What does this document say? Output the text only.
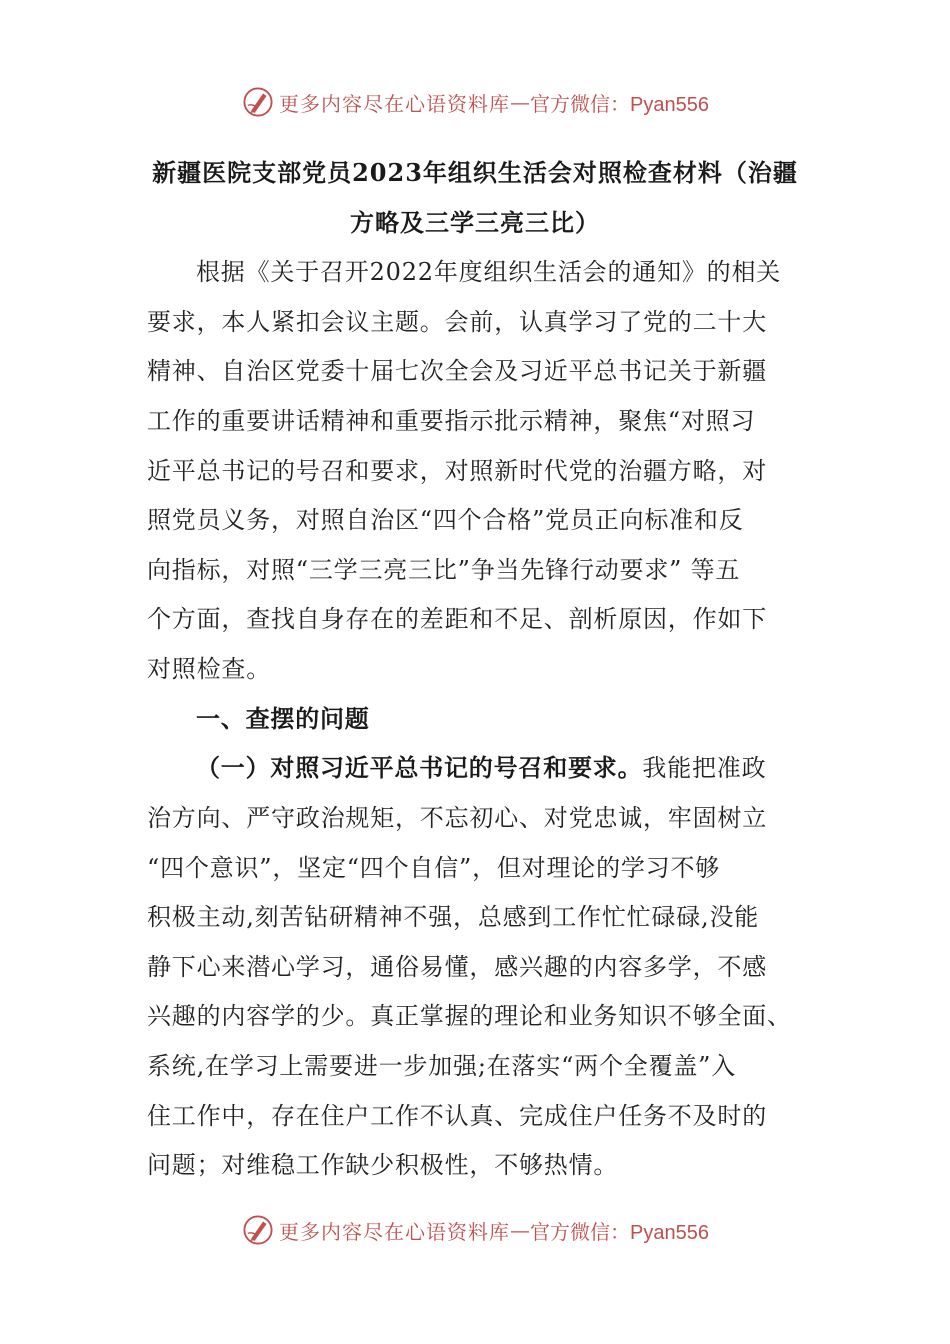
更多内容尽在心语资料库 — 官方微信：Pyan556
新疆医院支部党员2023年组织生活会对照检查材料（治疆
方略及三学三亮三比）
根据《关于召开2022年度组织生活会的通知》的相关
要求，本人紧扣会议主题。会前，认真学习了党的二十大
精神、自治区党委十届七次全会及习近平总书记关于新疆
工作的重要讲话精神和重要指示批示精神，聚焦“对照习
近平总书记的号召和要求，对照新时代党的治疆方略，对
照党员义务，对照自治区“四个合格”党员正向标准和反
向指标，对照“三学三亮三比”争当先锋行动要求” 等五
个方面，查找自身存在的差距和不足、剖析原因，作如下
对照检查。
一、查摆的问题
（一）对照习近平总书记的号召和要求。我能把准政
治方向、严守政治规矩，不忘初心、对党忠诚，牢固树立
“四个意识”，坚定“四个自信”，但对理论的学习不够
积极主动,刻苦钻研精神不强，总感到工作忙忙碌碌,没能
静下心来潜心学习，通俗易懂，感兴趣的内容多学，不感
兴趣的内容学的少。真正掌握的理论和业务知识不够全面、
系统,在学习上需要进一步加强;在落实“两个全覆盖”入
住工作中，存在住户工作不认真、完成住户任务不及时的
问题；对维稳工作缺少积极性，不够热情。
更多内容尽在心语资料库 — 官方微信：Pyan556
